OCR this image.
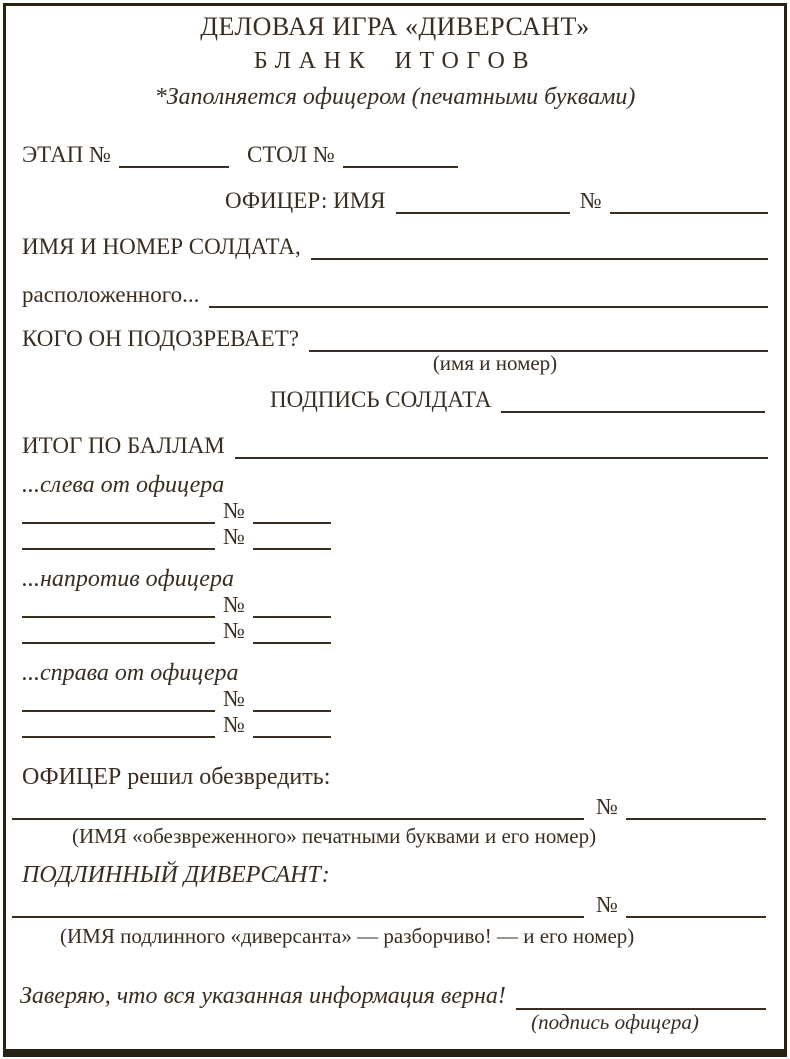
ДЕЛОВАЯ ИГРА «ДИВЕРСАНТ»
БЛАНК ИТОГОВ
*Заполняется офицером (печатными буквами)
ЭТАП №	СТОЛ №
ОФИЦЕР: ИМЯ	№
ИМЯ И НОМЕР СОЛДАТА,
расположенного...
КОГО ОН ПОДОЗРЕВАЕТ?
(имя и номер)
ПОДПИСЬ СОЛДАТА
ИТОГ ПО БАЛЛАМ
...слева от офицера
№
№
...напротив офицера
№
№
...справа от офицера
№
№
ОФИЦЕР решил обезвредить:
№
(ИМЯ «обезвреженного» печатными буквами и его номер)
ПОДЛИННЫЙ ДИВЕРСАНТ:
№
(ИМЯ подлинного «диверсанта» — разборчиво! — и его номер)
Заверяю, что вся указанная информация верна!
(подпись офицера)
